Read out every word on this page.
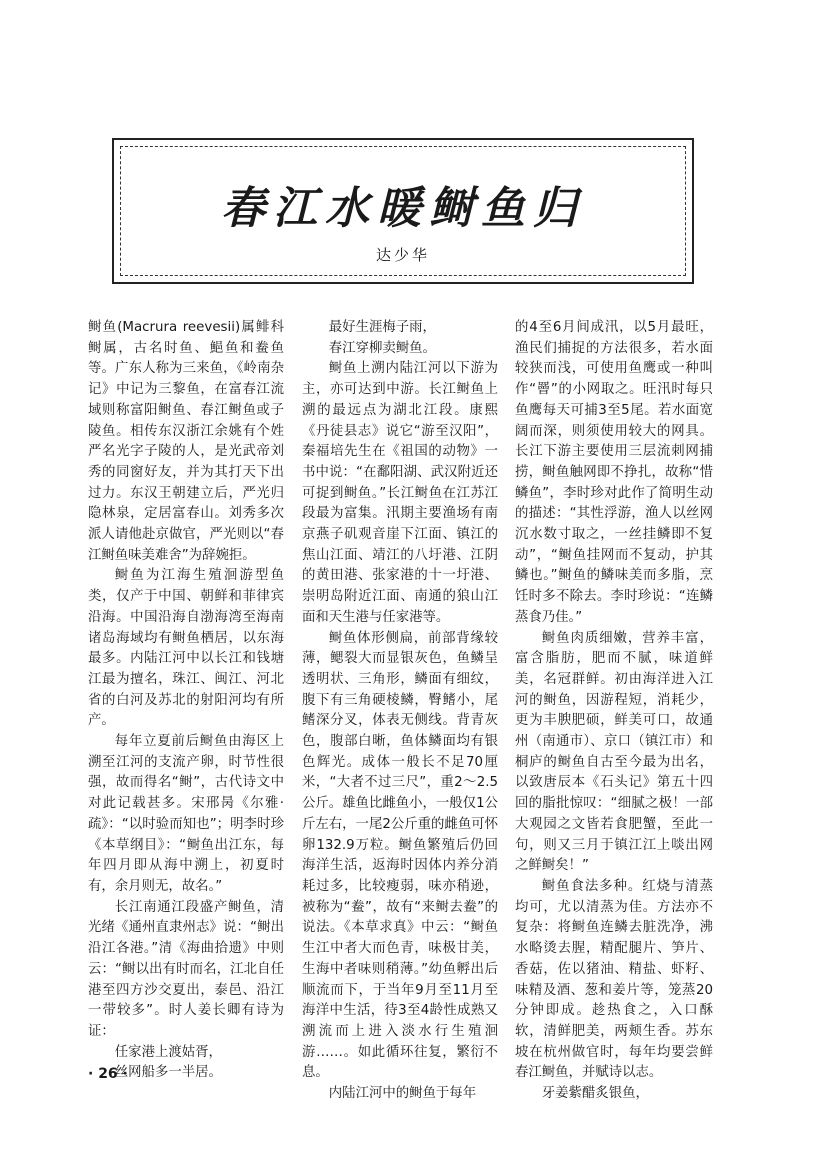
春江水暖鲥鱼归
达少华

鲥鱼(Macrura reevesii)属鲱科鲥属，古名时鱼、䱒鱼和鲞鱼等。广东人称为三来鱼，《岭南杂记》中记为三黎鱼，在富春江流域则称富阳鲥鱼、春江鲥鱼或子陵鱼。相传东汉浙江余姚有个姓严名光字子陵的人，是光武帝刘秀的同窗好友，并为其打天下出过力。东汉王朝建立后，严光归隐林泉，定居富春山。刘秀多次派人请他赴京做官，严光则以“春江鲥鱼味美难舍”为辞婉拒。

鲥鱼为江海生殖洄游型鱼类，仅产于中国、朝鲜和菲律宾沿海。中国沿海自渤海湾至海南诸岛海域均有鲥鱼栖居，以东海最多。内陆江河中以长江和钱塘江最为擅名，珠江、闽江、河北省的白河及苏北的射阳河均有所产。

每年立夏前后鲥鱼由海区上溯至江河的支流产卵，时节性很强，故而得名“鲥”，古代诗文中对此记载甚多。宋邢昺《尔雅·疏》：“以时验而知也”；明李时珍《本草纲目》：“鲥鱼出江东，每年四月即从海中溯上，初夏时有，余月则无，故名。”

长江南通江段盛产鲥鱼，清光绪《通州直隶州志》说：“鲥出沿江各港。”清《海曲拾遗》中则云：“鲥以出有时而名，江北自任港至四方沙交夏出，泰邑、沿江一带较多”。时人姜长卿有诗为证：

任家港上渡姑胥，

丝网船多一半居。

最好生涯梅子雨，

春江穿柳卖鲥鱼。

鲥鱼上溯内陆江河以下游为主，亦可达到中游。长江鲥鱼上溯的最远点为湖北江段。康熙《丹徒县志》说它“游至汉阳”，秦福培先生在《祖国的动物》一书中说：“在鄱阳湖、武汉附近还可捉到鲥鱼。”长江鲥鱼在江苏江段最为富集。汛期主要渔场有南京燕子矶观音崖下江面、镇江的焦山江面、靖江的八圩港、江阴的黄田港、张家港的十一圩港、崇明岛附近江面、南通的狼山江面和天生港与任家港等。

鲥鱼体形侧扁，前部背缘较薄，鳃裂大而显银灰色，鱼鳞呈透明状、三角形，鳞面有细纹，腹下有三角硬棱鳞，臀鳍小，尾鳍深分叉，体表无侧线。背青灰色，腹部白晰，鱼体鳞面均有银色辉光。成体一般长不足70厘米，“大者不过三尺”，重2～2.5公斤。雄鱼比雌鱼小，一般仅1公斤左右，一尾2公斤重的雌鱼可怀卵132.9万粒。鲥鱼繁殖后仍回海洋生活，返海时因体内养分消耗过多，比较瘦弱，味亦稍逊，被称为“鲞”，故有“来鲥去鲞”的说法。《本草求真》中云：“鲥鱼生江中者大而色青，味极甘美，生海中者味则稍薄。”幼鱼孵出后顺流而下，于当年9月至11月至海洋中生活，待3至4龄性成熟又溯流而上进入淡水行生殖洄游……。如此循环往复，繁衍不息。

内陆江河中的鲥鱼于每年

的4至6月间成汛，以5月最旺，渔民们捕捉的方法很多，若水面较狭而浅，可使用鱼鹰或一种叫作“罾”的小网取之。旺汛时每只鱼鹰每天可捕3至5尾。若水面宽阔而深，则须使用较大的网具。长江下游主要使用三层流刺网捕捞，鲥鱼触网即不挣扎，故称“惜鳞鱼”，李时珍对此作了简明生动的描述：“其性浮游，渔人以丝网沉水数寸取之，一丝挂鳞即不复动”，“鲥鱼挂网而不复动，护其鳞也。”鲥鱼的鳞味美而多脂，烹饪时多不除去。李时珍说：“连鳞蒸食乃佳。”

鲥鱼肉质细嫩，营养丰富，富含脂肪，肥而不腻，味道鲜美，名冠群鲜。初由海洋进入江河的鲥鱼，因游程短，消耗少，更为丰腴肥硕，鲜美可口，故通州（南通市）、京口（镇江市）和桐庐的鲥鱼自古至今最为出名，以致唐辰本《石头记》第五十四回的脂批惊叹：“细腻之极！一部大观园之文皆若食肥蟹，至此一句，则又三月于镇江江上啖出网之鲜鲥矣！”

鲥鱼食法多种。红烧与清蒸均可，尤以清蒸为佳。方法亦不复杂：将鲥鱼连鳞去脏洗净，沸水略烫去腥，精配腿片、笋片、香菇，佐以猪油、精盐、虾籽、味精及酒、葱和姜片等，笼蒸20分钟即成。趁热食之，入口酥软，清鲜肥美，两颊生香。苏东坡在杭州做官时，每年均要尝鲜春江鲥鱼，并赋诗以志。

牙姜紫醋炙银鱼，

· 26 ·
